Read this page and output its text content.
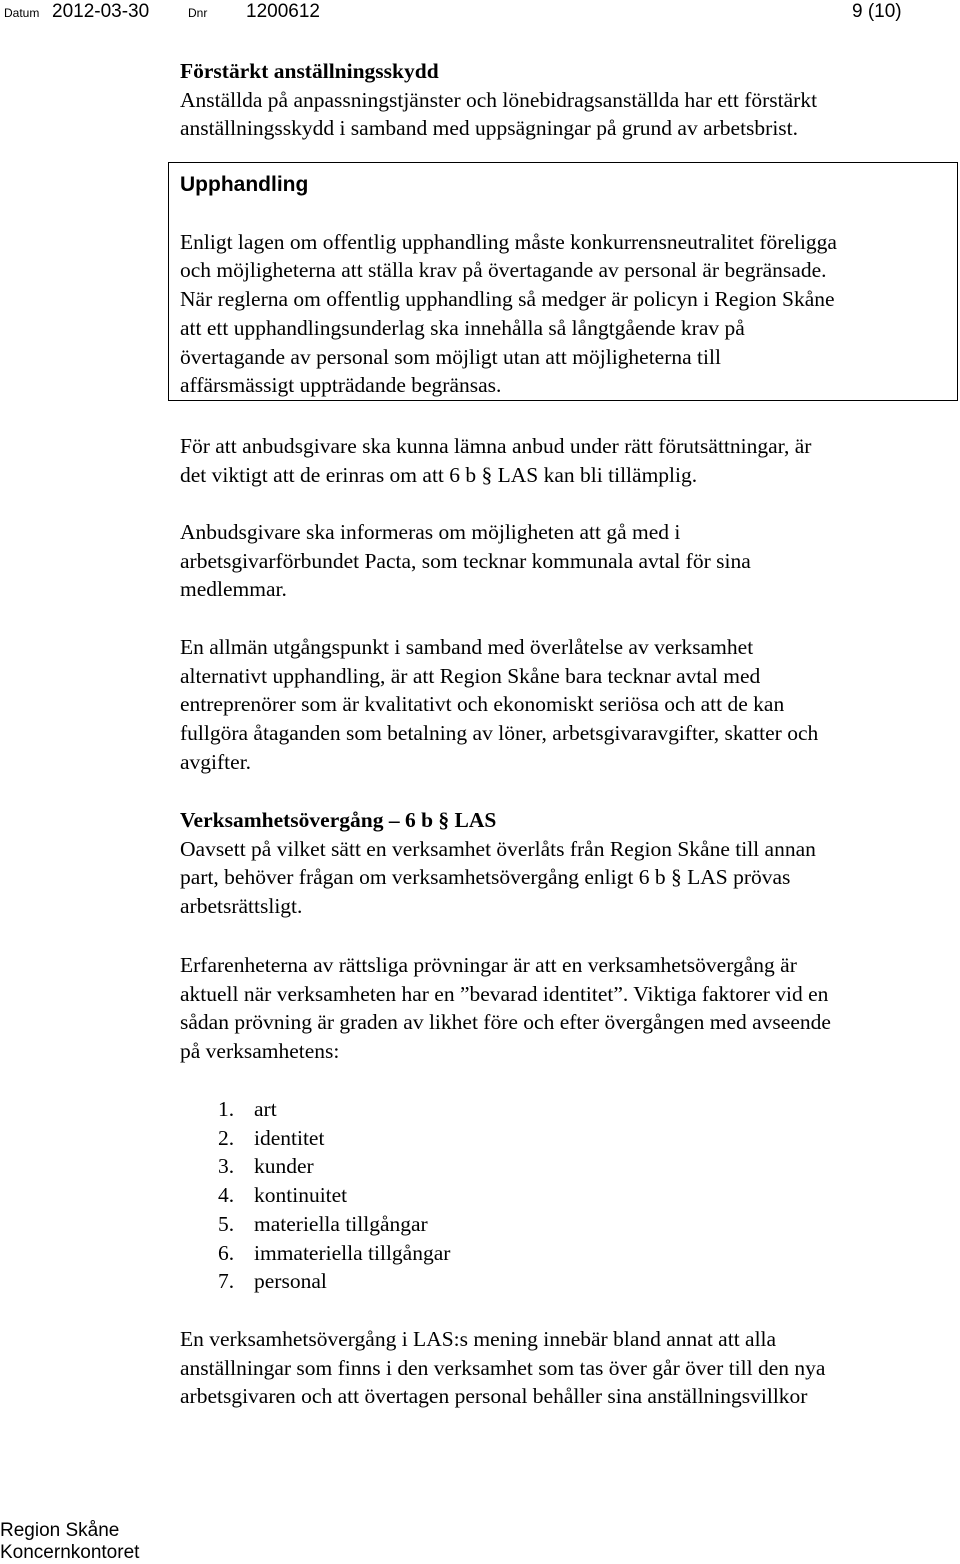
Datum 2012-03-30	Dnr 1200612	9 (10)

Förstärkt anställningsskydd

Anställda på anpassningstjänster och lönebidragsanställda har ett förstärkt

anställningsskydd i samband med uppsägningar på grund av arbetsbrist.

Upphandling

Enligt lagen om offentlig upphandling måste konkurrensneutralitet föreligga

och möjligheterna att ställa krav på övertagande av personal är begränsade.

När reglerna om offentlig upphandling så medger är policyn i Region Skåne

att ett upphandlingsunderlag ska innehålla så långtgående krav på

övertagande av personal som möjligt utan att möjligheterna till

affärsmässigt uppträdande begränsas.

För att anbudsgivare ska kunna lämna anbud under rätt förutsättningar, är

det viktigt att de erinras om att 6 b § LAS kan bli tillämplig.

Anbudsgivare ska informeras om möjligheten att gå med i

arbetsgivarförbundet Pacta, som tecknar kommunala avtal för sina

medlemmar.

En allmän utgångspunkt i samband med överlåtelse av verksamhet

alternativt upphandling, är att Region Skåne bara tecknar avtal med

entreprenörer som är kvalitativt och ekonomiskt seriösa och att de kan

fullgöra åtaganden som betalning av löner, arbetsgivaravgifter, skatter och

avgifter.

Verksamhetsövergång – 6 b § LAS

Oavsett på vilket sätt en verksamhet överlåts från Region Skåne till annan

part, behöver frågan om verksamhetsövergång enligt 6 b § LAS prövas

arbetsrättsligt.

Erfarenheterna av rättsliga prövningar är att en verksamhetsövergång är

aktuell när verksamheten har en ”bevarad identitet”. Viktiga faktorer vid en

sådan prövning är graden av likhet före och efter övergången med avseende

på verksamhetens:

1. art
2. identitet
3. kunder
4. kontinuitet
5. materiella tillgångar
6. immateriella tillgångar
7. personal

En verksamhetsövergång i LAS:s mening innebär bland annat att alla

anställningar som finns i den verksamhet som tas över går över till den nya

arbetsgivaren och att övertagen personal behåller sina anställningsvillkor

Region Skåne
Koncernkontoret
